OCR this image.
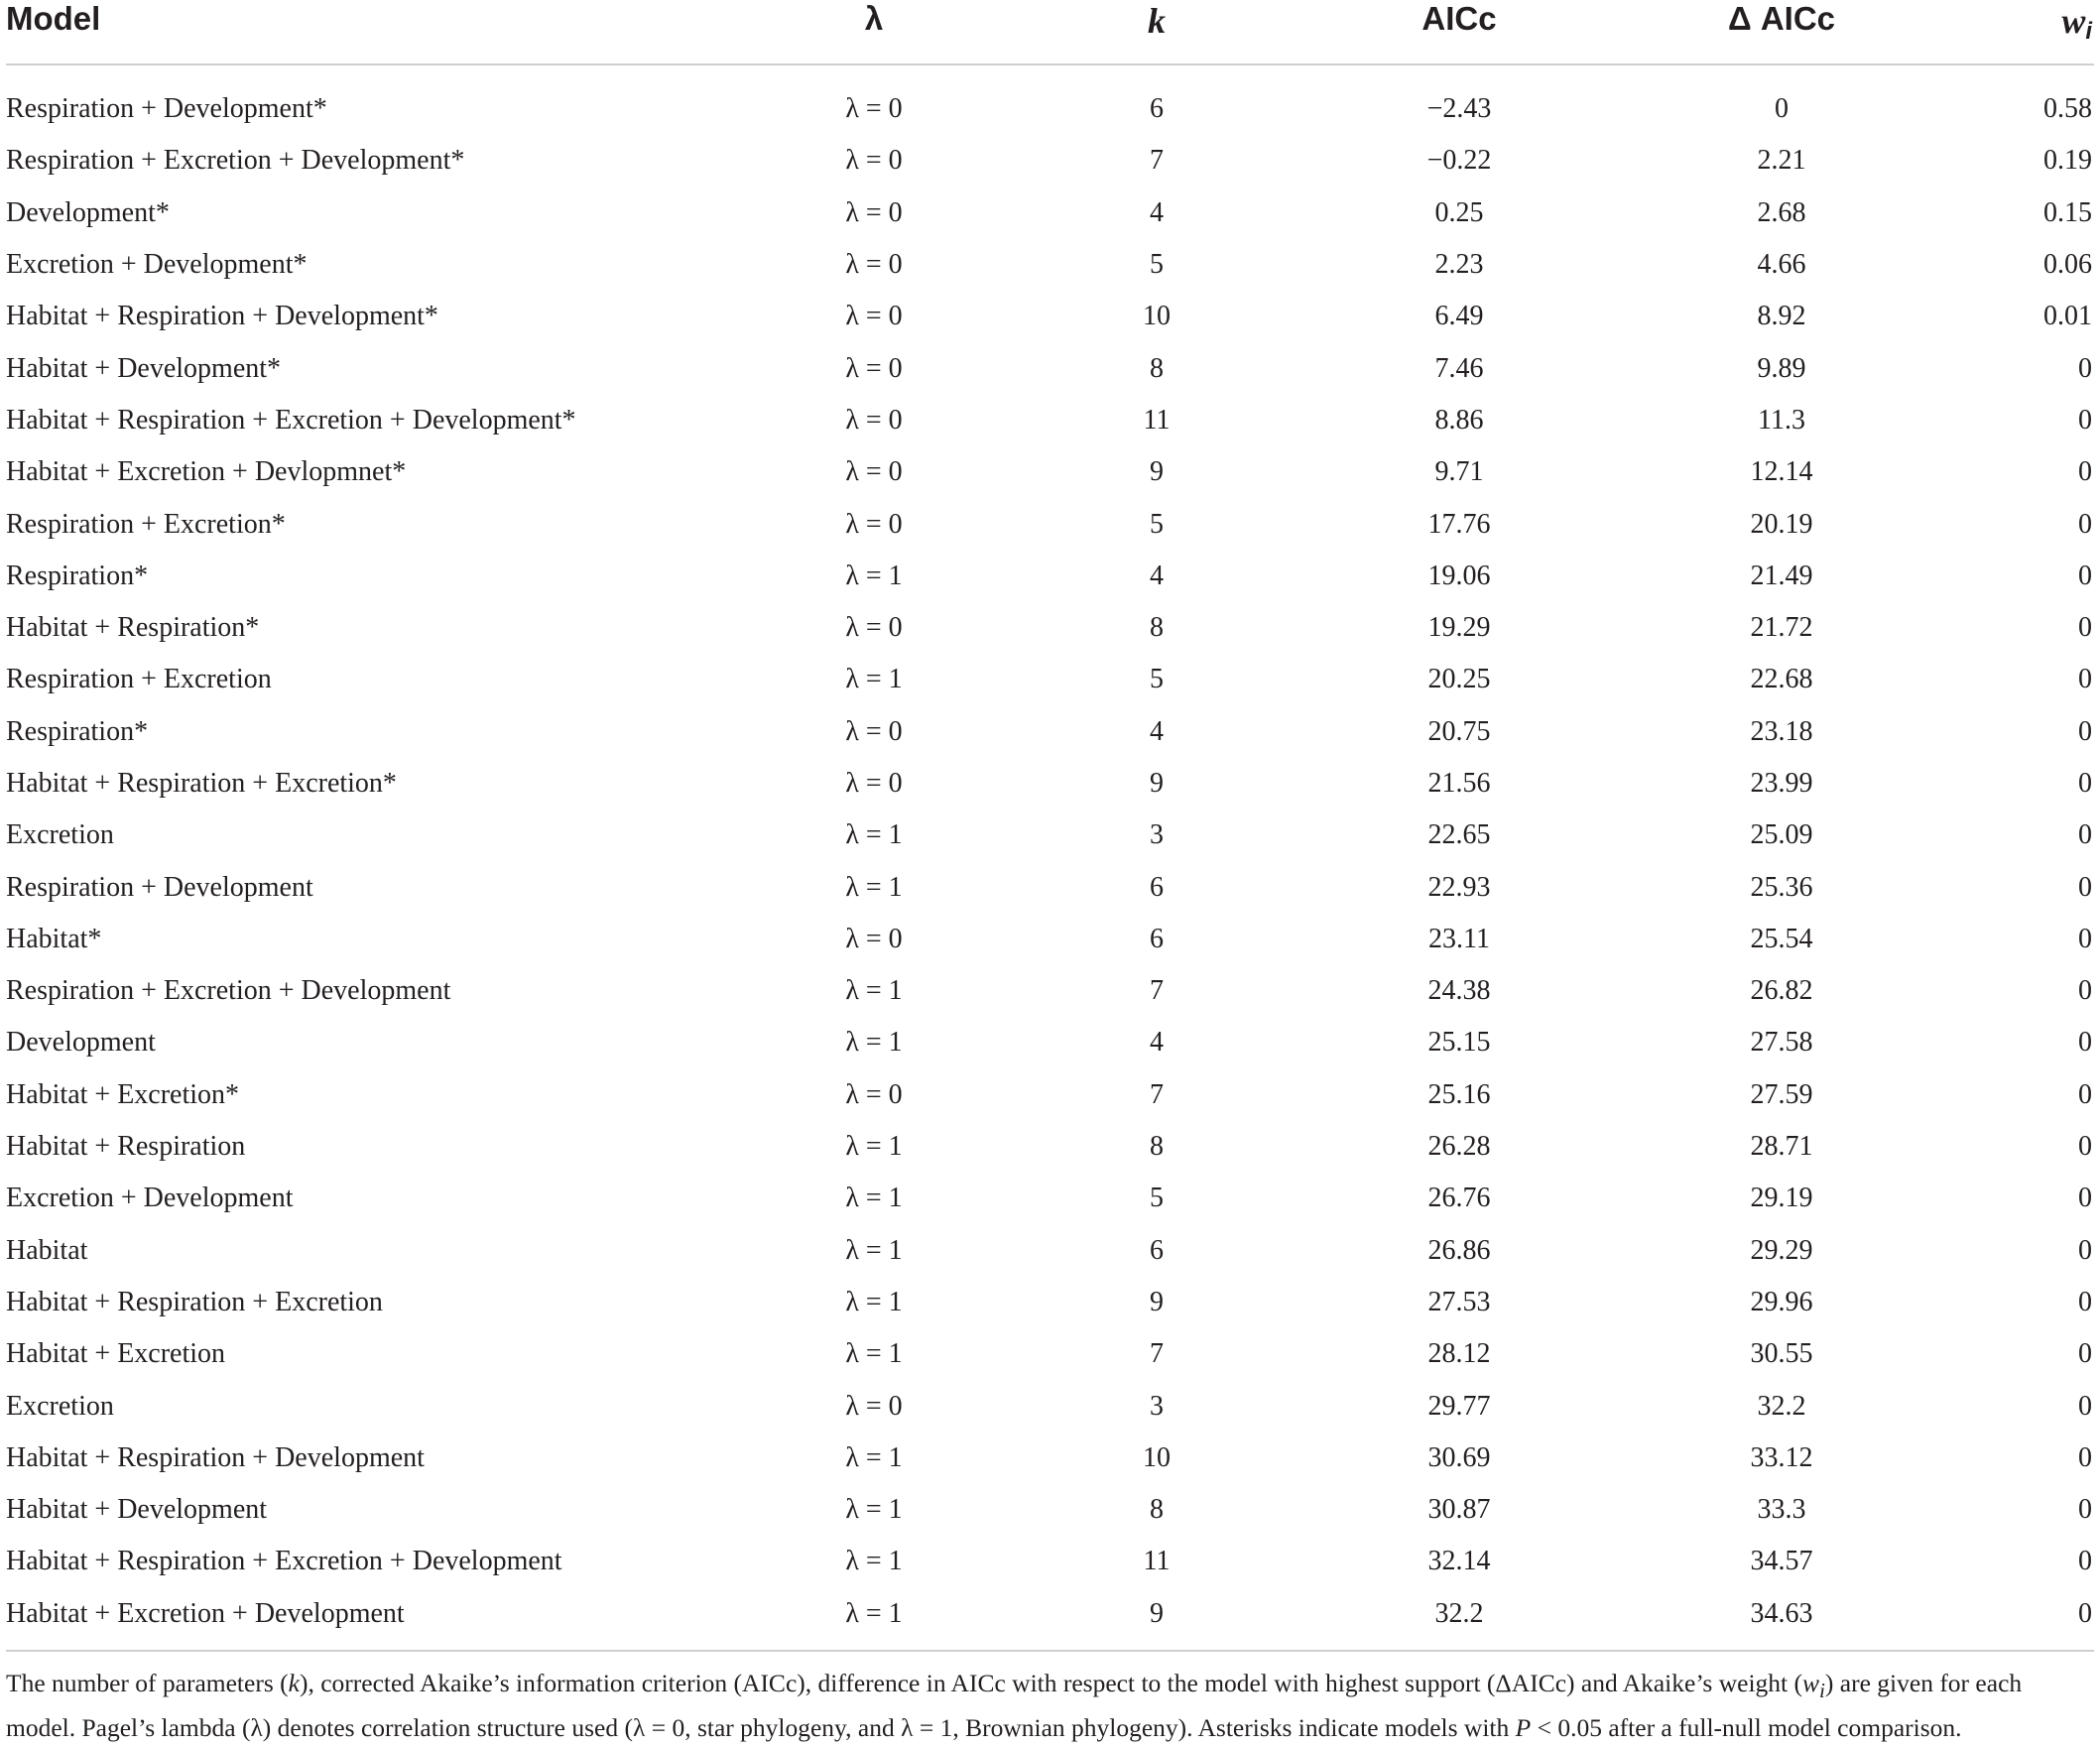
Model	λ	k	AICc	Δ AICc	$w_i$
Respiration + Development*	λ = 0	6	−2.43	0	0.58
Respiration + Excretion + Development*	λ = 0	7	−0.22	2.21	0.19
Development*	λ = 0	4	0.25	2.68	0.15
Excretion + Development*	λ = 0	5	2.23	4.66	0.06
Habitat + Respiration + Development*	λ = 0	10	6.49	8.92	0.01
Habitat + Development*	λ = 0	8	7.46	9.89	0
Habitat + Respiration + Excretion + Development*	λ = 0	11	8.86	11.3	0
Habitat + Excretion + Devlopmnet*	λ = 0	9	9.71	12.14	0
Respiration + Excretion*	λ = 0	5	17.76	20.19	0
Respiration*	λ = 1	4	19.06	21.49	0
Habitat + Respiration*	λ = 0	8	19.29	21.72	0
Respiration + Excretion	λ = 1	5	20.25	22.68	0
Respiration*	λ = 0	4	20.75	23.18	0
Habitat + Respiration + Excretion*	λ = 0	9	21.56	23.99	0
Excretion	λ = 1	3	22.65	25.09	0
Respiration + Development	λ = 1	6	22.93	25.36	0
Habitat*	λ = 0	6	23.11	25.54	0
Respiration + Excretion + Development	λ = 1	7	24.38	26.82	0
Development	λ = 1	4	25.15	27.58	0
Habitat + Excretion*	λ = 0	7	25.16	27.59	0
Habitat + Respiration	λ = 1	8	26.28	28.71	0
Excretion + Development	λ = 1	5	26.76	29.19	0
Habitat	λ = 1	6	26.86	29.29	0
Habitat + Respiration + Excretion	λ = 1	9	27.53	29.96	0
Habitat + Excretion	λ = 1	7	28.12	30.55	0
Excretion	λ = 0	3	29.77	32.2	0
Habitat + Respiration + Development	λ = 1	10	30.69	33.12	0
Habitat + Development	λ = 1	8	30.87	33.3	0
Habitat + Respiration + Excretion + Development	λ = 1	11	32.14	34.57	0
Habitat + Excretion + Development	λ = 1	9	32.2	34.63	0
The number of parameters (k), corrected Akaike’s information criterion (AICc), difference in AICc with respect to the model with highest support (ΔAICc) and Akaike’s weight $(w_i)$ are given for each model. Pagel’s lambda (λ) denotes correlation structure used (λ = 0, star phylogeny, and λ = 1, Brownian phylogeny). Asterisks indicate models with P < 0.05 after a full-null model comparison.
